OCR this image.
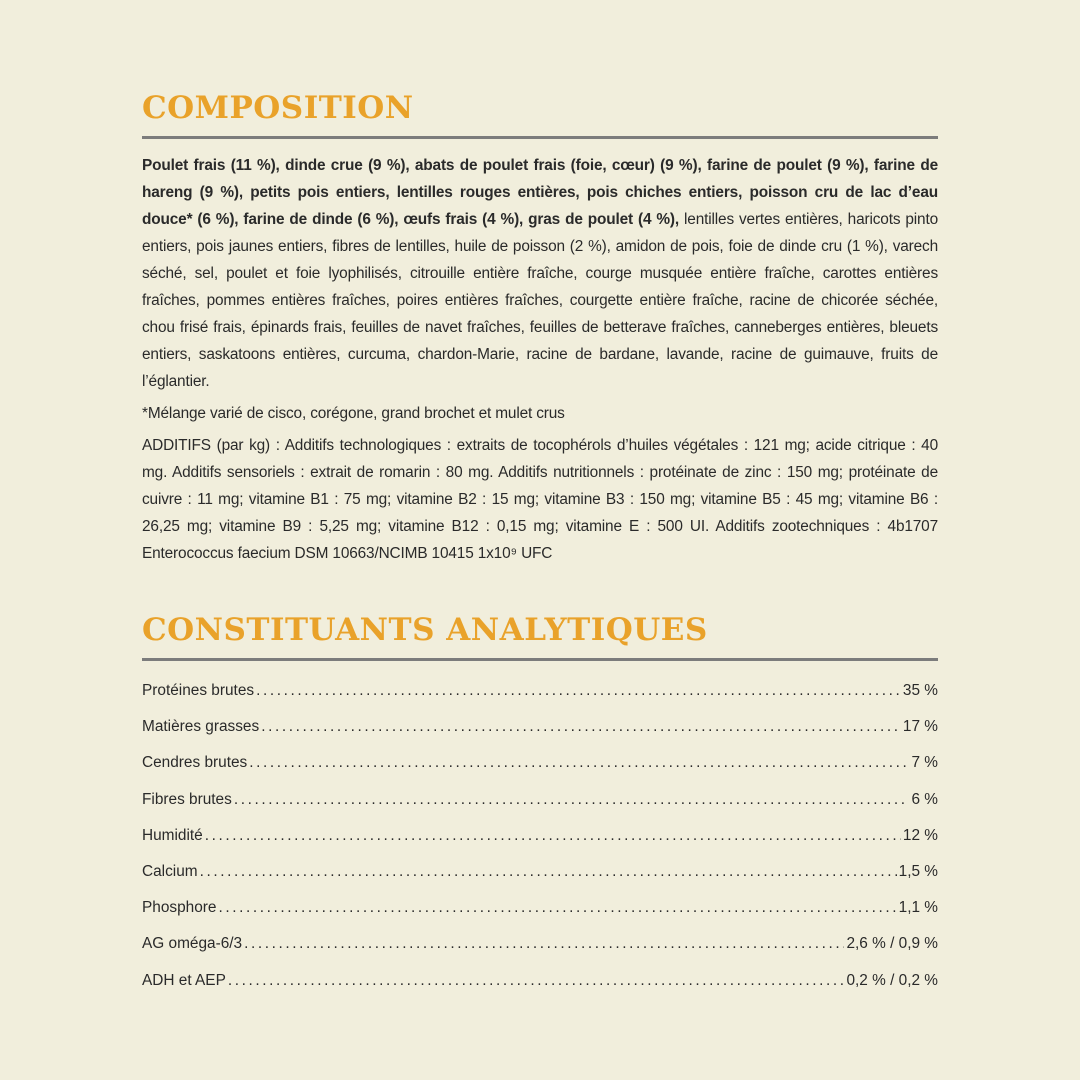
COMPOSITION

Poulet frais (11 %), dinde crue (9 %), abats de poulet frais (foie, cœur) (9 %), farine de poulet (9 %), farine de hareng (9 %), petits pois entiers, lentilles rouges entières, pois chiches entiers, poisson cru de lac d’eau douce* (6 %), farine de dinde (6 %), œufs frais (4 %), gras de poulet (4 %), lentilles vertes entières, haricots pinto entiers, pois jaunes entiers, fibres de lentilles, huile de poisson (2 %), amidon de pois, foie de dinde cru (1 %), varech séché, sel, poulet et foie lyophilisés, citrouille entière fraîche, courge musquée entière fraîche, carottes entières fraîches, pommes entières fraîches, poires entières fraîches, courgette entière fraîche, racine de chicorée séchée, chou frisé frais, épinards frais, feuilles de navet fraîches, feuilles de betterave fraîches, canneberges entières, bleuets entiers, saskatoons entières, curcuma, chardon-Marie, racine de bardane, lavande, racine de guimauve, fruits de l’églantier.

*Mélange varié de cisco, corégone, grand brochet et mulet crus

ADDITIFS (par kg) : Additifs technologiques : extraits de tocophérols d’huiles végétales : 121 mg; acide citrique : 40 mg. Additifs sensoriels : extrait de romarin : 80 mg. Additifs nutritionnels : protéinate de zinc : 150 mg; protéinate de cuivre : 11 mg; vitamine B1 : 75 mg; vitamine B2 : 15 mg; vitamine B3 : 150 mg; vitamine B5 : 45 mg; vitamine B6 : 26,25 mg; vitamine B9 : 5,25 mg; vitamine B12 : 0,15 mg; vitamine E : 500 UI. Additifs zootechniques : 4b1707 Enterococcus faecium DSM 10663/NCIMB 10415 1x10⁹ UFC

CONSTITUANTS ANALYTIQUES
Protéines brutes .....	35 %
Matières grasses .....	17 %
Cendres brutes .....	7 %
Fibres brutes .....	6 %
Humidité .....	12 %
Calcium .....	1,5 %
Phosphore .....	1,1 %
AG oméga-6/3 .....	2,6 % / 0,9 %
ADH et AEP .....	0,2 % / 0,2 %
